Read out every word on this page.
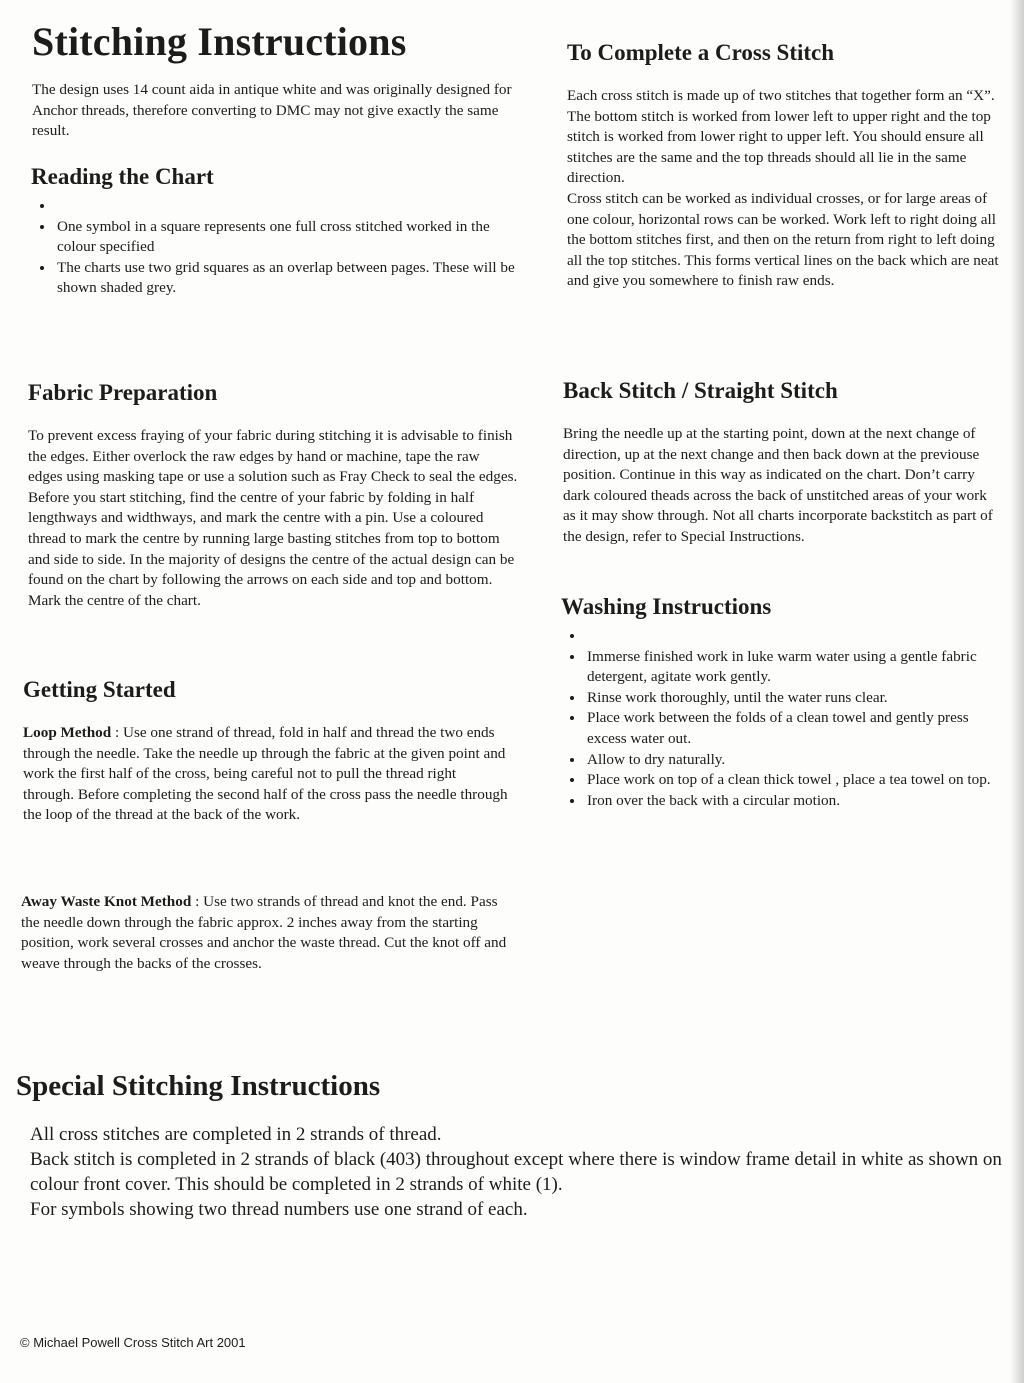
Stitching Instructions

The design uses 14 count aida in antique white and was originally designed for Anchor threads, therefore converting to DMC may not give exactly the same result.

Reading the Chart
•
• One symbol in a square represents one full cross stitched worked in the colour specified
• The charts use two grid squares as an overlap between pages. These will be shown shaded grey.
Fabric Preparation

To prevent excess fraying of your fabric during stitching it is advisable to finish the edges. Either overlock the raw edges by hand or machine, tape the raw edges using masking tape or use a solution such as Fray Check to seal the edges.

Before you start stitching, find the centre of your fabric by folding in half lengthways and widthways, and mark the centre with a pin. Use a coloured thread to mark the centre by running large basting stitches from top to bottom and side to side. In the majority of designs the centre of the actual design can be found on the chart by following the arrows on each side and top and bottom. Mark the centre of the chart.

Getting Started

Loop Method : Use one strand of thread, fold in half and thread the two ends through the needle. Take the needle up through the fabric at the given point and work the first half of the cross, being careful not to pull the thread right through. Before completing the second half of the cross pass the needle through the loop of the thread at the back of the work.

Away Waste Knot Method : Use two strands of thread and knot the end. Pass the needle down through the fabric approx. 2 inches away from the starting position, work several crosses and anchor the waste thread. Cut the knot off and weave through the backs of the crosses.

To Complete a Cross Stitch

Each cross stitch is made up of two stitches that together form an “X”. The bottom stitch is worked from lower left to upper right and the top stitch is worked from lower right to upper left. You should ensure all stitches are the same and the top threads should all lie in the same direction.

Cross stitch can be worked as individual crosses, or for large areas of one colour, horizontal rows can be worked. Work left to right doing all the bottom stitches first, and then on the return from right to left doing all the top stitches. This forms vertical lines on the back which are neat and give you somewhere to finish raw ends.

Back Stitch / Straight Stitch

Bring the needle up at the starting point, down at the next change of direction, up at the next change and then back down at the previouse position. Continue in this way as indicated on the chart. Don’t carry dark coloured theads across the back of unstitched areas of your work as it may show through. Not all charts incorporate backstitch as part of the design, refer to Special Instructions.

Washing Instructions
•
• Immerse finished work in luke warm water using a gentle fabric detergent, agitate work gently.
• Rinse work thoroughly, until the water runs clear.
• Place work between the folds of a clean towel and gently press excess water out.
• Allow to dry naturally.
• Place work on top of a clean thick towel , place a tea towel on top.
• Iron over the back with a circular motion.
Special Stitching Instructions

All cross stitches are completed in 2 strands of thread.

Back stitch is completed in 2 strands of black (403) throughout except where there is window frame detail in white as shown on colour front cover. This should be completed in 2 strands of white (1).

For symbols showing two thread numbers use one strand of each.

© Michael Powell Cross Stitch Art 2001
